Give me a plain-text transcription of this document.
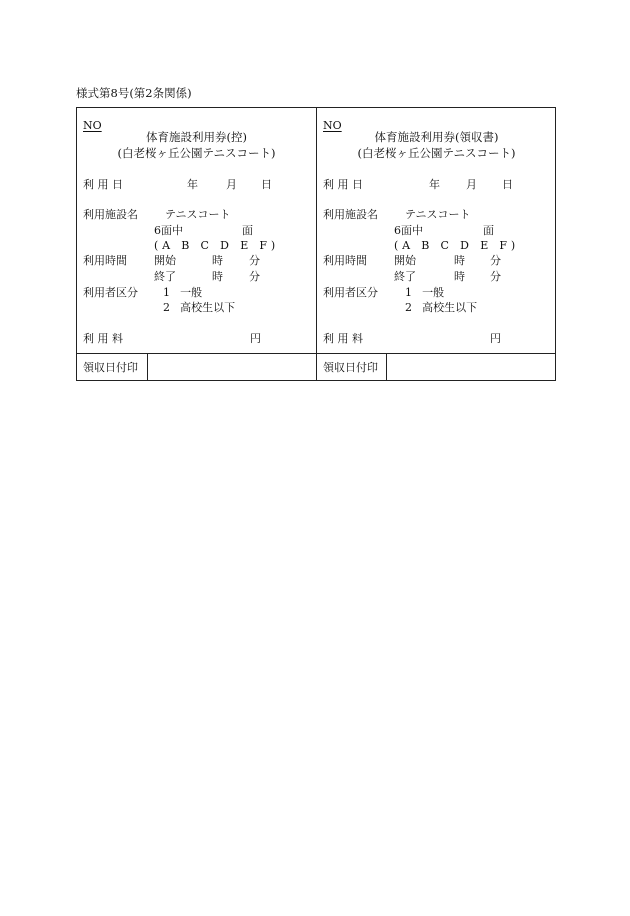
様式第8号(第2条関係)
NO
体育施設利用券(控)
(白老桜ヶ丘公園テニスコート)
利 用 日	年	月 日
利用施設名 テニスコート
6面中	面
(A B C D E F)
利用時間 開始	時 分
終了	時 分
利用者区分 1 一般
2 高校生以下
利 用 料	円
NO
体育施設利用券(領収書)
(白老桜ヶ丘公園テニスコート)
利 用 日	年 月 日
利用施設名 テニスコート
6面中	面
(A B C D E F)
利用時間 開始	時 分
終了	時 分
利用者区分 1 一般
2 高校生以下
利 用 料	円
領収日付印	領収日付印
